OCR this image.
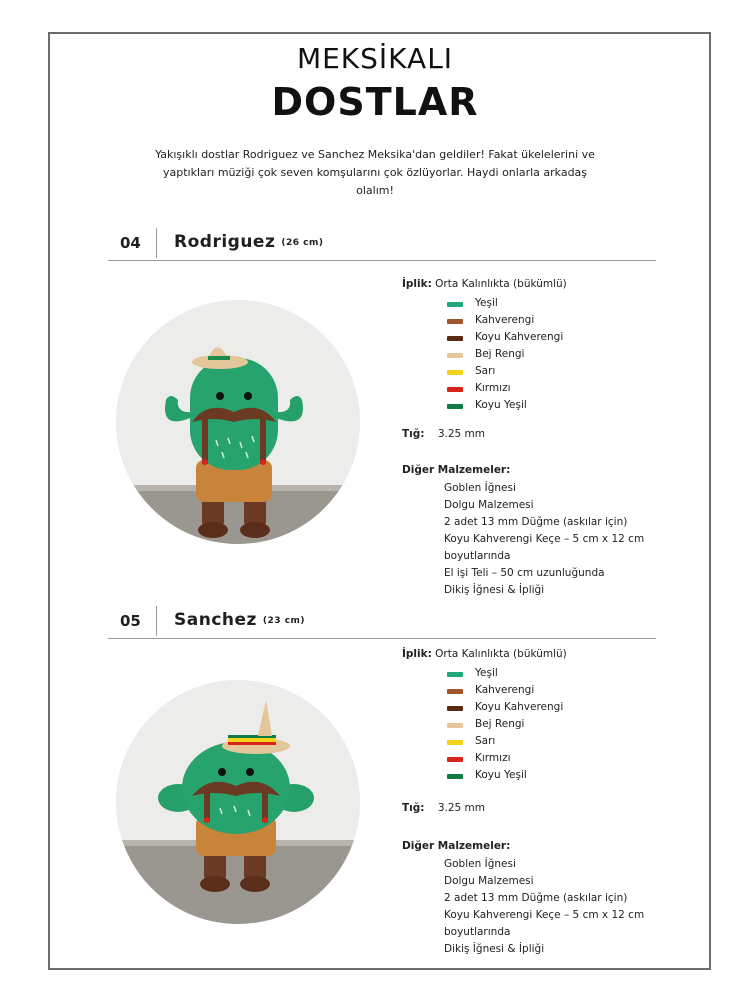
MEKSİKALI
DOSTLAR
Yakışıklı dostlar Rodriguez ve Sanchez Meksika'dan geldiler! Fakat ükelelerini ve
yaptıkları müziği çok seven komşularını çok özlüyorlar. Haydi onlarla arkadaş
olalım!
04 Rodriguez (26 cm)
İplik: Orta Kalınlıkta (bükümlü)
Yeşil
Kahverengi
Koyu Kahverengi
Bej Rengi
Sarı
Kırmızı
Koyu Yeşil
Tığ: 3.25 mm
Diğer Malzemeler:
Goblen İğnesi
Dolgu Malzemesi
2 adet 13 mm Düğme (askılar için)
Koyu Kahverengi Keçe – 5 cm x 12 cm
boyutlarında
El işi Teli – 50 cm uzunluğunda
Dikiş İğnesi & İpliği
05 Sanchez (23 cm)
İplik: Orta Kalınlıkta (bükümlü)
Yeşil
Kahverengi
Koyu Kahverengi
Bej Rengi
Sarı
Kırmızı
Koyu Yeşil
Tığ: 3.25 mm
Diğer Malzemeler:
Goblen İğnesi
Dolgu Malzemesi
2 adet 13 mm Düğme (askılar için)
Koyu Kahverengi Keçe – 5 cm x 12 cm
boyutlarında
Dikiş İğnesi & İpliği
